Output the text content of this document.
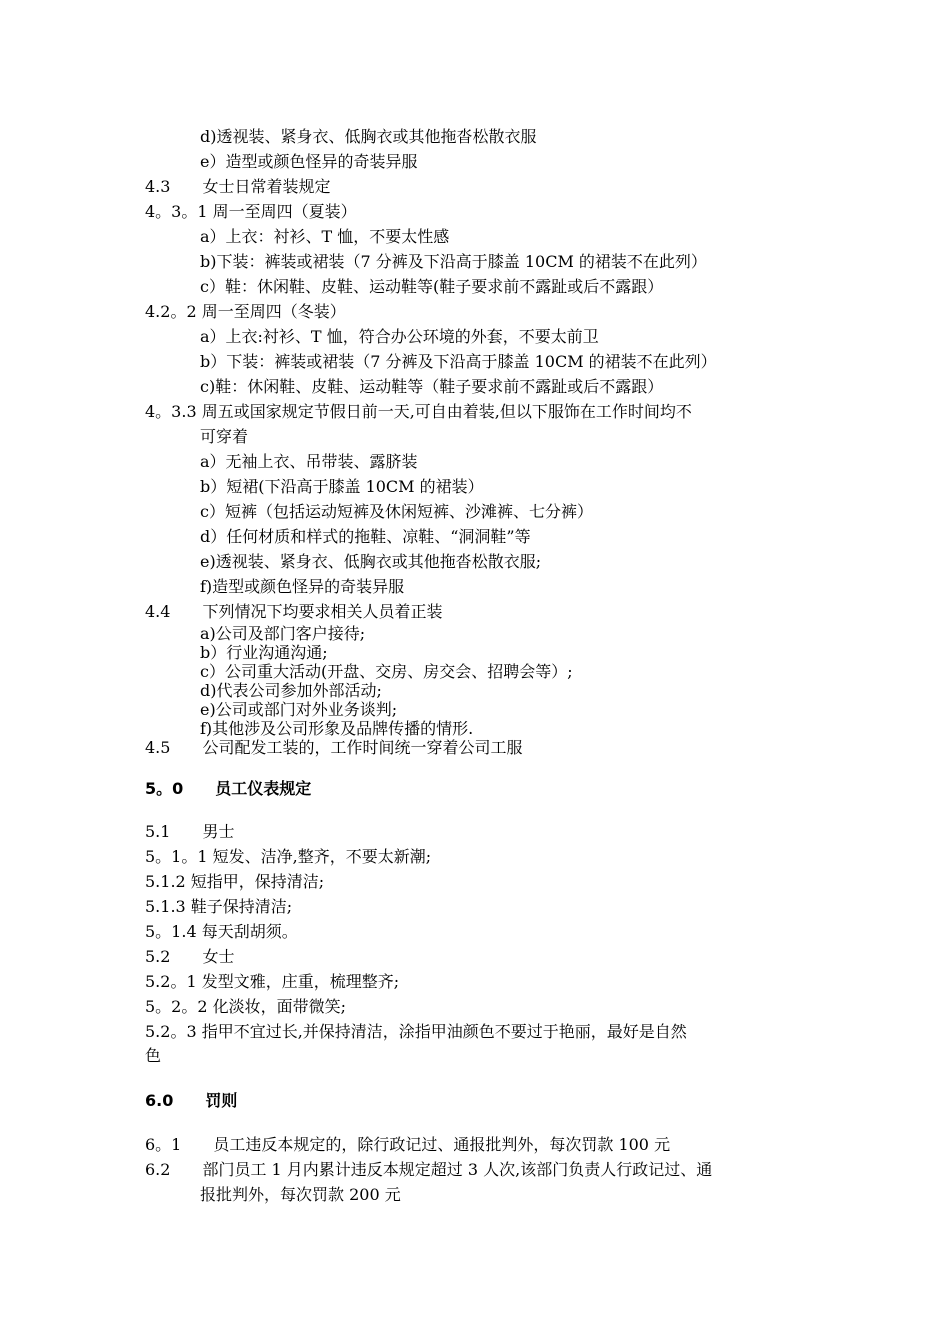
d)透视装、紧身衣、低胸衣或其他拖沓松散衣服
e）造型或颜色怪异的奇装异服
4.3　　女士日常着装规定
4。3。1 周一至周四（夏装）
a）上衣：衬衫、T 恤，不要太性感
b)下装：裤装或裙装（7 分裤及下沿高于膝盖 10CM 的裙装不在此列）
c）鞋：休闲鞋、皮鞋、运动鞋等(鞋子要求前不露趾或后不露跟）
4.2。2 周一至周四（冬装）
a）上衣:衬衫、T 恤，符合办公环境的外套，不要太前卫
b）下装：裤装或裙装（7 分裤及下沿高于膝盖 10CM 的裙装不在此列）
c)鞋：休闲鞋、皮鞋、运动鞋等（鞋子要求前不露趾或后不露跟）
4。3.3 周五或国家规定节假日前一天,可自由着装,但以下服饰在工作时间均不
可穿着
a）无袖上衣、吊带装、露脐装
b）短裙(下沿高于膝盖 10CM 的裙装）
c）短裤（包括运动短裤及休闲短裤、沙滩裤、七分裤）
d）任何材质和样式的拖鞋、凉鞋、“洞洞鞋”等
e)透视装、紧身衣、低胸衣或其他拖沓松散衣服;
f)造型或颜色怪异的奇装异服
4.4　　下列情况下均要求相关人员着正装
a)公司及部门客户接待;
b）行业沟通沟通;
c）公司重大活动(开盘、交房、房交会、招聘会等）;
d)代表公司参加外部活动;
e)公司或部门对外业务谈判;
f)其他涉及公司形象及品牌传播的情形.
4.5　　公司配发工装的，工作时间统一穿着公司工服
5。0　　员工仪表规定
5.1　　男士
5。1。1 短发、洁净,整齐，不要太新潮;
5.1.2 短指甲，保持清洁;
5.1.3 鞋子保持清洁;
5。1.4 每天刮胡须。
5.2　　女士
5.2。1 发型文雅，庄重，梳理整齐;
5。2。2 化淡妆，面带微笑;
5.2。3 指甲不宜过长,并保持清洁，涂指甲油颜色不要过于艳丽，最好是自然
色
6.0　　罚则
6。1　　员工违反本规定的，除行政记过、通报批判外，每次罚款 100 元
6.2　　部门员工 1 月内累计违反本规定超过 3 人次,该部门负责人行政记过、通
报批判外，每次罚款 200 元
